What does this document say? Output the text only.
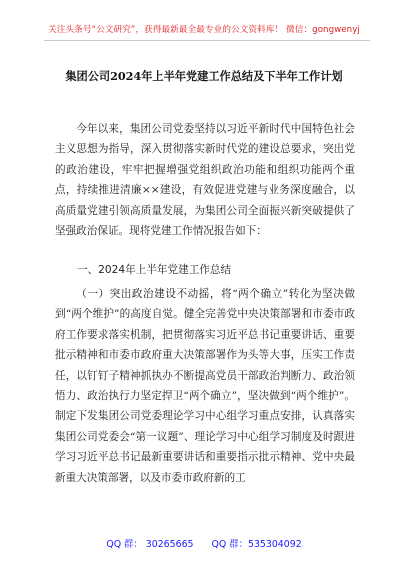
关注头条号“公文研究”，获得最新最全最专业的公文资料库！ 微信：gongwenyj
集团公司2024年上半年党建工作总结及下半年工作计划
今年以来，集团公司党委坚持以习近平新时代中国特色社会主义思想为指导，深入贯彻落实新时代党的建设总要求，突出党的政治建设，牢牢把握增强党组织政治功能和组织功能两个重点，持续推进清廉××建设，有效促进党建与业务深度融合，以高质量党建引领高质量发展，为集团公司全面振兴新突破提供了坚强政治保证。现将党建工作情况报告如下：
一、2024年上半年党建工作总结
（一）突出政治建设不动摇，将“两个确立”转化为坚决做到“两个维护”的高度自觉。健全完善党中央决策部署和市委市政府工作要求落实机制，把贯彻落实习近平总书记重要讲话、重要批示精神和市委市政府重大决策部署作为头等大事，压实工作责任，以钉钉子精神抓执办不断提高党员干部政治判断力、政治领悟力、政治执行力坚定捍卫“两个确立”，坚决做到“两个维护”。制定下发集团公司党委理论学习中心组学习重点安排，认真落实集团公司党委会“第一议题”、理论学习中心组学习制度及时跟进学习习近平总书记最新重要讲话和重要指示批示精神、党中央最新重大决策部署，以及市委市政府新的工
QQ 群： 30265665 QQ 群：535304092
